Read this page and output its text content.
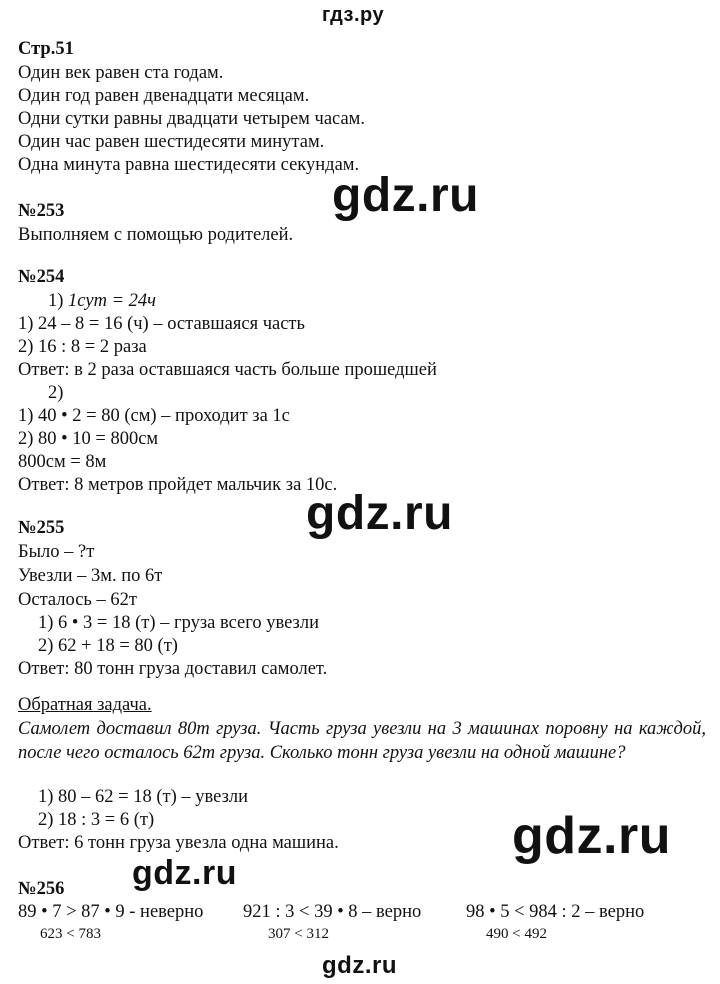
гдз.ру
Стр.51
Один век равен ста годам.
Один год равен двенадцати месяцам.
Одни сутки равны двадцати четырем часам.
Один час равен шестидесяти минутам.
Одна минута равна шестидесяти секундам.
gdz.ru
№253
Выполняем с помощью родителей.
№254
1) 1сут = 24ч
1) 24 – 8 = 16 (ч) – оставшаяся часть
2) 16 : 8 = 2 раза
Ответ: в 2 раза оставшаяся часть больше прошедшей
2)
1) 40 • 2 = 80 (см) – проходит за 1с
2) 80 • 10 = 800см
800см = 8м
Ответ: 8 метров пройдет мальчик за 10с.
gdz.ru
№255
Было – ?т
Увезли – 3м. по 6т
Осталось – 62т
1) 6 • 3 = 18 (т) – груза всего увезли
2) 62 + 18 = 80 (т)
Ответ: 80 тонн груза доставил самолет.
Обратная задача.
Самолет доставил 80т груза. Часть груза увезли на 3 машинах поровну на каждой, после чего осталось 62т груза. Сколько тонн груза увезли на одной машине?
1) 80 – 62 = 18 (т) – увезли
2) 18 : 3 = 6 (т)
Ответ: 6 тонн груза увезла одна машина.	gdz.ru
gdz.ru
№256
89 • 7 > 87 • 9 - неверно
623 < 783
921 : 3 < 39 • 8 – верно
307 < 312
98 • 5 < 984 : 2 – верно
490 < 492
gdz.ru
